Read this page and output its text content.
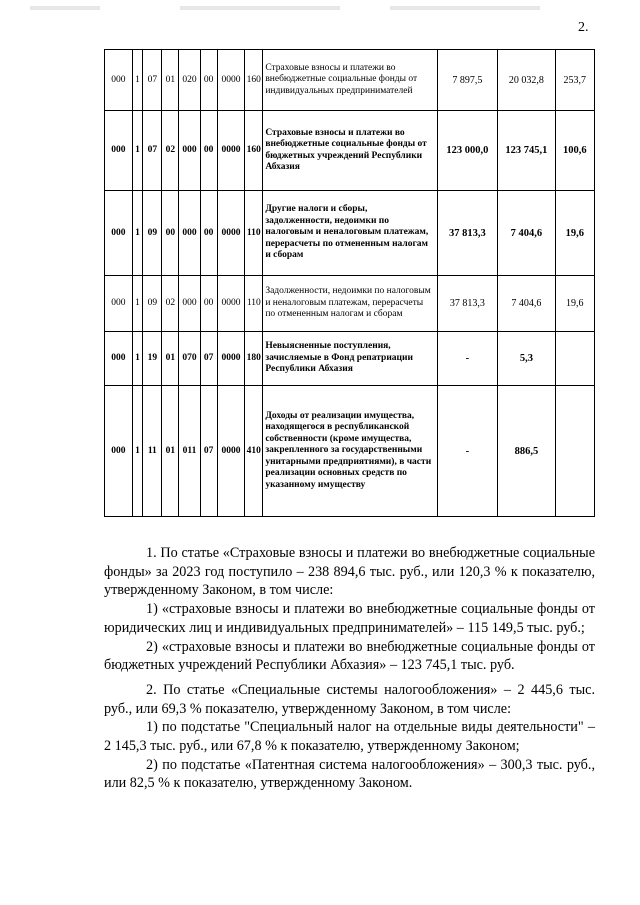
2.
000	1	07	01	020	00	0000	160	Страховые взносы и платежи во внебюджетные социальные фонды от индивидуальных предпринимателей	7 897,5	20 032,8	253,7
000	1	07	02	000	00	0000	160	Страховые взносы и платежи во внебюджетные социальные фонды от бюджетных учреждений Республики Абхазия	123 000,0	123 745,1	100,6
000	1	09	00	000	00	0000	110	Другие налоги и сборы, задолженности, недоимки по налоговым и неналоговым платежам, перерасчеты по отмененным налогам и сборам	37 813,3	7 404,6	19,6
000	1	09	02	000	00	0000	110	Задолженности, недоимки по налоговым и неналоговым платежам, перерасчеты по отмененным налогам и сборам	37 813,3	7 404,6	19,6
000	1	19	01	070	07	0000	180	Невыясненные поступления, зачисляемые в Фонд репатриации Республики Абхазия	-	5,3	
000	1	11	01	011	07	0000	410	Доходы от реализации имущества, находящегося в республиканской собственности (кроме имущества, закрепленного за государственными унитарными предприятиями), в части реализации основных средств по указанному имуществу	-	886,5	

1. По статье «Страховые взносы и платежи во внебюджетные социальные фонды» за 2023 год поступило – 238 894,6 тыс. руб., или 120,3 % к показателю, утвержденному Законом, в том числе:

1) «страховые взносы и платежи во внебюджетные социальные фонды от юридических лиц и индивидуальных предпринимателей» – 115 149,5 тыс. руб.;

2) «страховые взносы и платежи во внебюджетные социальные фонды от бюджетных учреждений Республики Абхазия» – 123 745,1 тыс. руб.

2. По статье «Специальные системы налогообложения» – 2 445,6 тыс. руб., или 69,3 % показателю, утвержденному Законом, в том числе:

1) по подстатье "Специальный налог на отдельные виды деятельности" – 2 145,3 тыс. руб., или 67,8 % к показателю, утвержденному Законом;

2) по подстатье «Патентная система налогообложения» – 300,3 тыс. руб., или 82,5 % к показателю, утвержденному Законом.
